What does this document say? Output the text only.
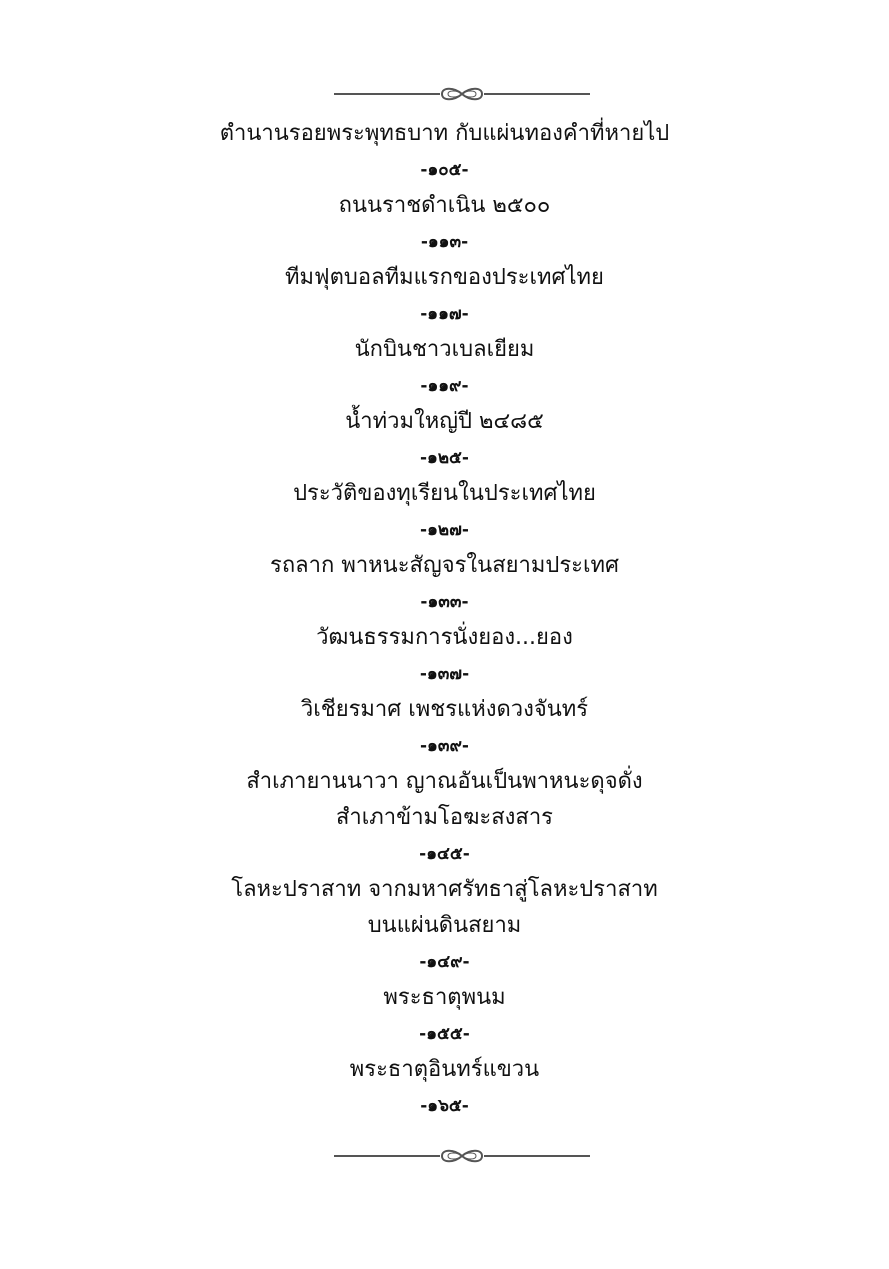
ตำนานรอยพระพุทธบาท กับแผ่นทองคำที่หายไป
-๑๐๕-
ถนนราชดำเนิน ๒๕๐๐
-๑๑๓-
ทีมฟุตบอลทีมแรกของประเทศไทย
-๑๑๗-
นักบินชาวเบลเยียม
-๑๑๙-
น้ำท่วมใหญ่ปี ๒๔๘๕
-๑๒๕-
ประวัติของทุเรียนในประเทศไทย
-๑๒๗-
รถลาก พาหนะสัญจรในสยามประเทศ
-๑๓๓-
วัฒนธรรมการนั่งยอง...ยอง
-๑๓๗-
วิเชียรมาศ เพชรแห่งดวงจันทร์
-๑๓๙-
สำเภายานนาวา ญาณอันเป็นพาหนะดุจดั่ง
สำเภาข้ามโอฆะสงสาร
-๑๔๕-
โลหะปราสาท จากมหาศรัทธาสู่โลหะปราสาท
บนแผ่นดินสยาม
-๑๔๙-
พระธาตุพนม
-๑๕๕-
พระธาตุอินทร์แขวน
-๑๖๕-
